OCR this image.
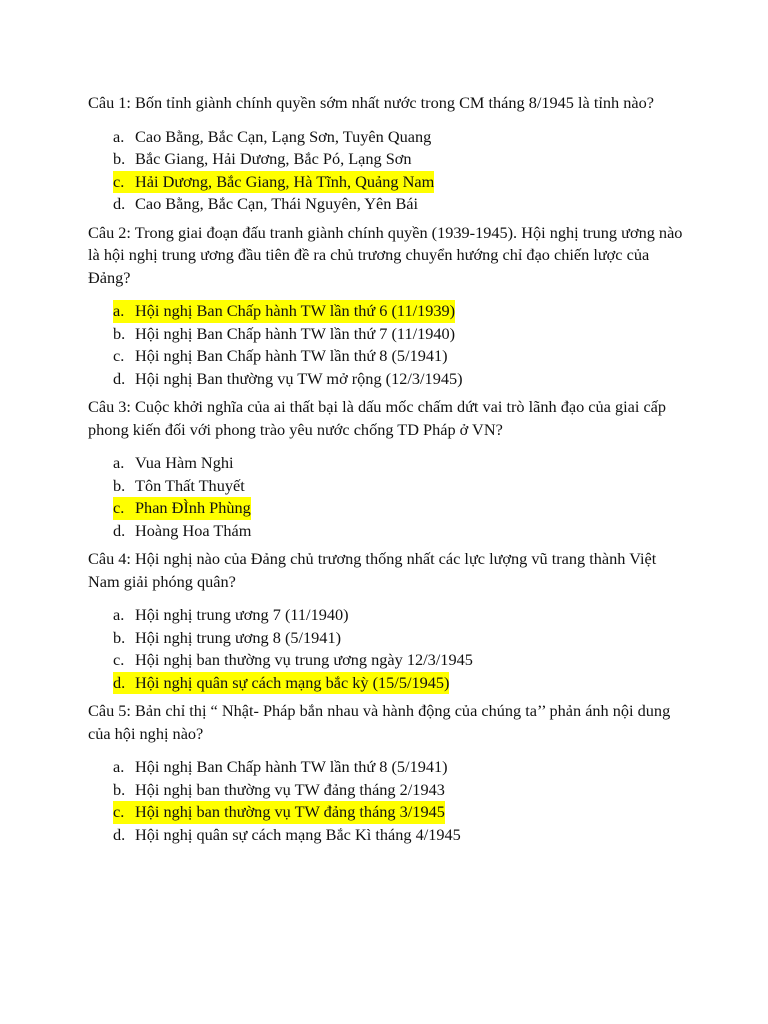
Câu 1: Bốn tỉnh giành chính quyền sớm nhất nước trong CM tháng 8/1945 là tỉnh nào?

a. Cao Bằng, Bắc Cạn, Lạng Sơn, Tuyên Quang
b. Bắc Giang, Hải Dương, Bắc Pó, Lạng Sơn
c. Hải Dương, Bắc Giang, Hà Tĩnh, Quảng Nam
d. Cao Bằng, Bắc Cạn, Thái Nguyên, Yên Bái

Câu 2: Trong giai đoạn đấu tranh giành chính quyền (1939-1945). Hội nghị trung ương nào là hội nghị trung ương đầu tiên đề ra chủ trương chuyển hướng chỉ đạo chiến lược của Đảng?

a. Hội nghị Ban Chấp hành TW lần thứ 6 (11/1939)
b. Hội nghị Ban Chấp hành TW lần thứ 7 (11/1940)
c. Hội nghị Ban Chấp hành TW lần thứ 8 (5/1941)
d. Hội nghị Ban thường vụ TW mở rộng (12/3/1945)

Câu 3: Cuộc khởi nghĩa của ai thất bại là dấu mốc chấm dứt vai trò lãnh đạo của giai cấp phong kiến đối với phong trào yêu nước chống TD Pháp ở VN?

a. Vua Hàm Nghi
b. Tôn Thất Thuyết
c. Phan ĐÌnh Phùng
d. Hoàng Hoa Thám

Câu 4: Hội nghị nào của Đảng chủ trương thống nhất các lực lượng vũ trang thành Việt Nam giải phóng quân?

a. Hội nghị trung ương 7 (11/1940)
b. Hội nghị trung ương 8 (5/1941)
c. Hội nghị ban thường vụ trung ương ngày 12/3/1945
d. Hội nghị quân sự cách mạng bắc kỳ (15/5/1945)

Câu 5: Bản chỉ thị “ Nhật- Pháp bắn nhau và hành động của chúng ta’’ phản ánh nội dung của hội nghị nào?

a. Hội nghị Ban Chấp hành TW lần thứ 8 (5/1941)
b. Hội nghị ban thường vụ TW đảng tháng 2/1943
c. Hội nghị ban thường vụ TW đảng tháng 3/1945
d. Hội nghị quân sự cách mạng Bắc Kì tháng 4/1945
